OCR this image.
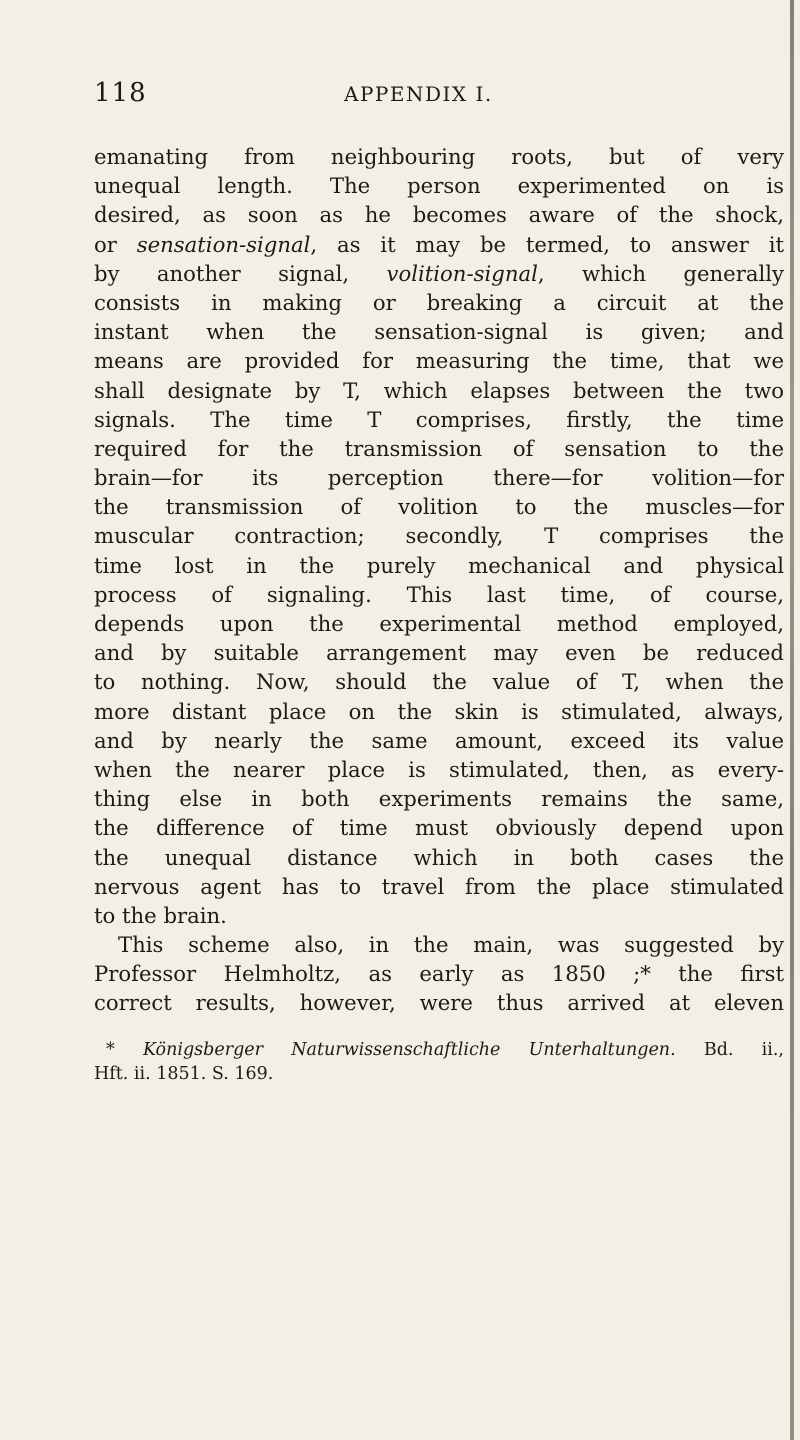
118	APPENDIX I.
emanating from neighbouring roots, but of very
unequal length. The person experimented on is
desired, as soon as he becomes aware of the shock,
or sensation-signal, as it may be termed, to answer it
by another signal, volition-signal, which generally
consists in making or breaking a circuit at the
instant when the sensation-signal is given; and
means are provided for measuring the time, that we
shall designate by T, which elapses between the two
signals. The time T comprises, firstly, the time
required for the transmission of sensation to the
brain—for its perception there—for volition—for
the transmission of volition to the muscles—for
muscular contraction; secondly, T comprises the
time lost in the purely mechanical and physical
process of signaling. This last time, of course,
depends upon the experimental method employed,
and by suitable arrangement may even be reduced
to nothing. Now, should the value of T, when the
more distant place on the skin is stimulated, always,
and by nearly the same amount, exceed its value
when the nearer place is stimulated, then, as every-
thing else in both experiments remains the same,
the difference of time must obviously depend upon
the unequal distance which in both cases the
nervous agent has to travel from the place stimulated
to the brain.
This scheme also, in the main, was suggested by
Professor Helmholtz, as early as 1850 ;* the first
correct results, however, were thus arrived at eleven
* Königsberger Naturwissenschaftliche Unterhaltungen. Bd. ii.,
Hft. ii. 1851. S. 169.
